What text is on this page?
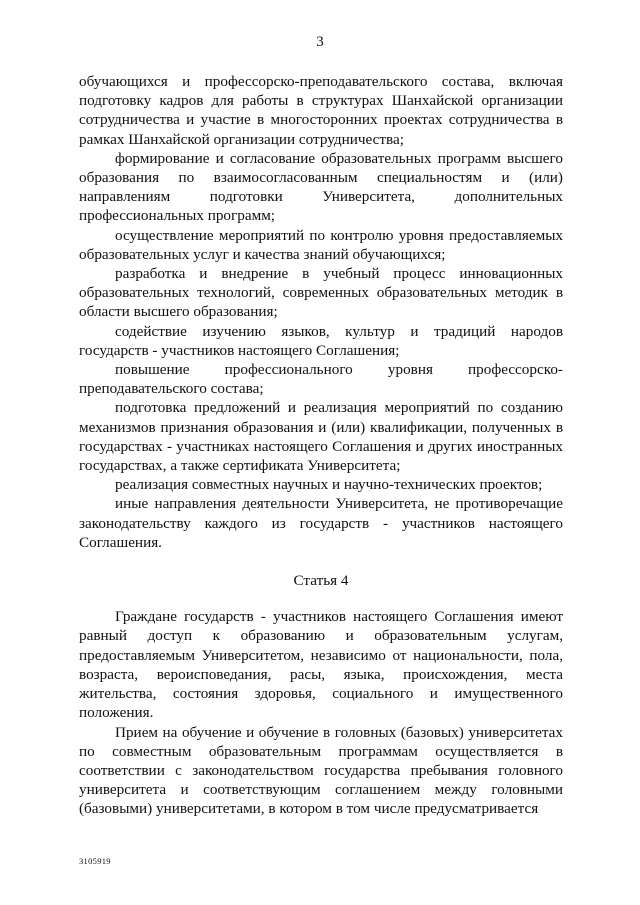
3

обучающихся и профессорско-преподавательского состава, включая подготовку кадров для работы в структурах Шанхайской организации сотрудничества и участие в многосторонних проектах сотрудничества в рамках Шанхайской организации сотрудничества;

формирование и согласование образовательных программ высшего образования по взаимосогласованным специальностям и (или) направлениям подготовки Университета, дополнительных профессиональных программ;

осуществление мероприятий по контролю уровня предоставляемых образовательных услуг и качества знаний обучающихся;

разработка и внедрение в учебный процесс инновационных образовательных технологий, современных образовательных методик в области высшего образования;

содействие изучению языков, культур и традиций народов государств - участников настоящего Соглашения;

повышение профессионального уровня профессорско-преподавательского состава;

подготовка предложений и реализация мероприятий по созданию механизмов признания образования и (или) квалификации, полученных в государствах - участниках настоящего Соглашения и других иностранных государствах, а также сертификата Университета;

реализация совместных научных и научно-технических проектов;

иные направления деятельности Университета, не противоречащие законодательству каждого из государств - участников настоящего Соглашения.

Статья 4

Граждане государств - участников настоящего Соглашения имеют равный доступ к образованию и образовательным услугам, предоставляемым Университетом, независимо от национальности, пола, возраста, вероисповедания, расы, языка, происхождения, места жительства, состояния здоровья, социального и имущественного положения.

Прием на обучение и обучение в головных (базовых) университетах по совместным образовательным программам осуществляется в соответствии с законодательством государства пребывания головного университета и соответствующим соглашением между головными (базовыми) университетами, в котором в том числе предусматривается

3105919
